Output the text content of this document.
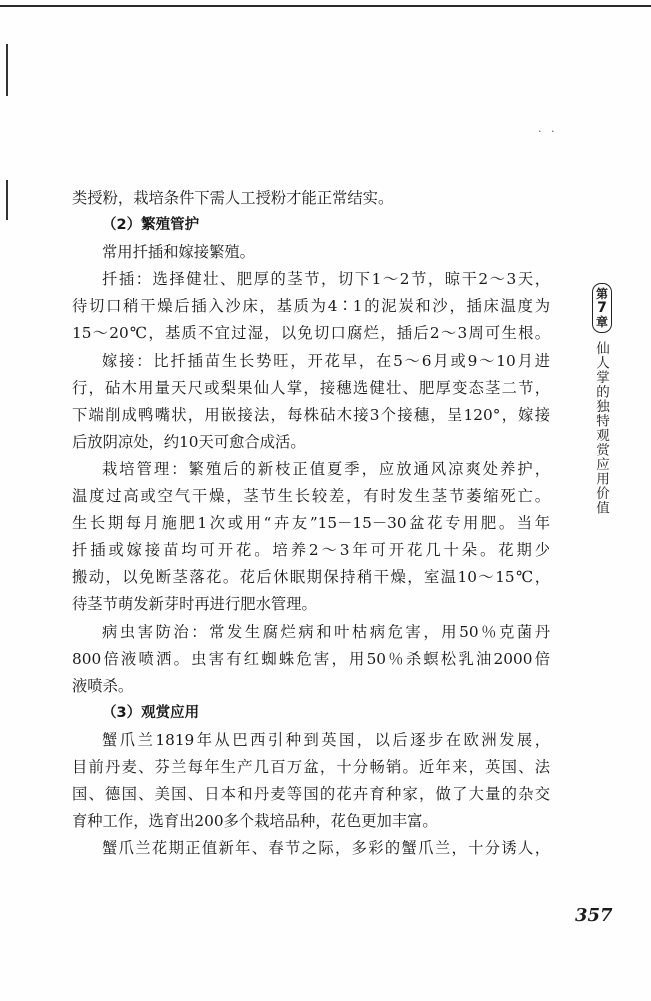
. .
类授粉，栽培条件下需人工授粉才能正常结实。
（2）繁殖管护
常用扦插和嫁接繁殖。
扦插：选择健壮、肥厚的茎节，切下1～2节，晾干2～3天，
待切口稍干燥后插入沙床，基质为4∶1的泥炭和沙，插床温度为
15～20℃，基质不宜过湿，以免切口腐烂，插后2～3周可生根。
嫁接：比扦插苗生长势旺，开花早，在5～6月或9～10月进
行，砧木用量天尺或梨果仙人掌，接穗选健壮、肥厚变态茎二节，
下端削成鸭嘴状，用嵌接法，每株砧木接3个接穗，呈120°，嫁接
后放阴凉处，约10天可愈合成活。
栽培管理：繁殖后的新枝正值夏季，应放通风凉爽处养护，
温度过高或空气干燥，茎节生长较差，有时发生茎节萎缩死亡。
生长期每月施肥1次或用“卉友”15－15－30盆花专用肥。当年
扦插或嫁接苗均可开花。培养2～3年可开花几十朵。花期少
搬动，以免断茎落花。花后休眠期保持稍干燥，室温10～15℃，
待茎节萌发新芽时再进行肥水管理。
病虫害防治：常发生腐烂病和叶枯病危害，用50％克菌丹
800倍液喷洒。虫害有红蜘蛛危害，用50％杀螟松乳油2000倍
液喷杀。
（3）观赏应用
蟹爪兰1819年从巴西引种到英国，以后逐步在欧洲发展，
目前丹麦、芬兰每年生产几百万盆，十分畅销。近年来，英国、法
国、德国、美国、日本和丹麦等国的花卉育种家，做了大量的杂交
育种工作，选育出200多个栽培品种，花色更加丰富。
蟹爪兰花期正值新年、春节之际，多彩的蟹爪兰，十分诱人，
第
7
章
仙人掌的独特观赏应用价值
357
